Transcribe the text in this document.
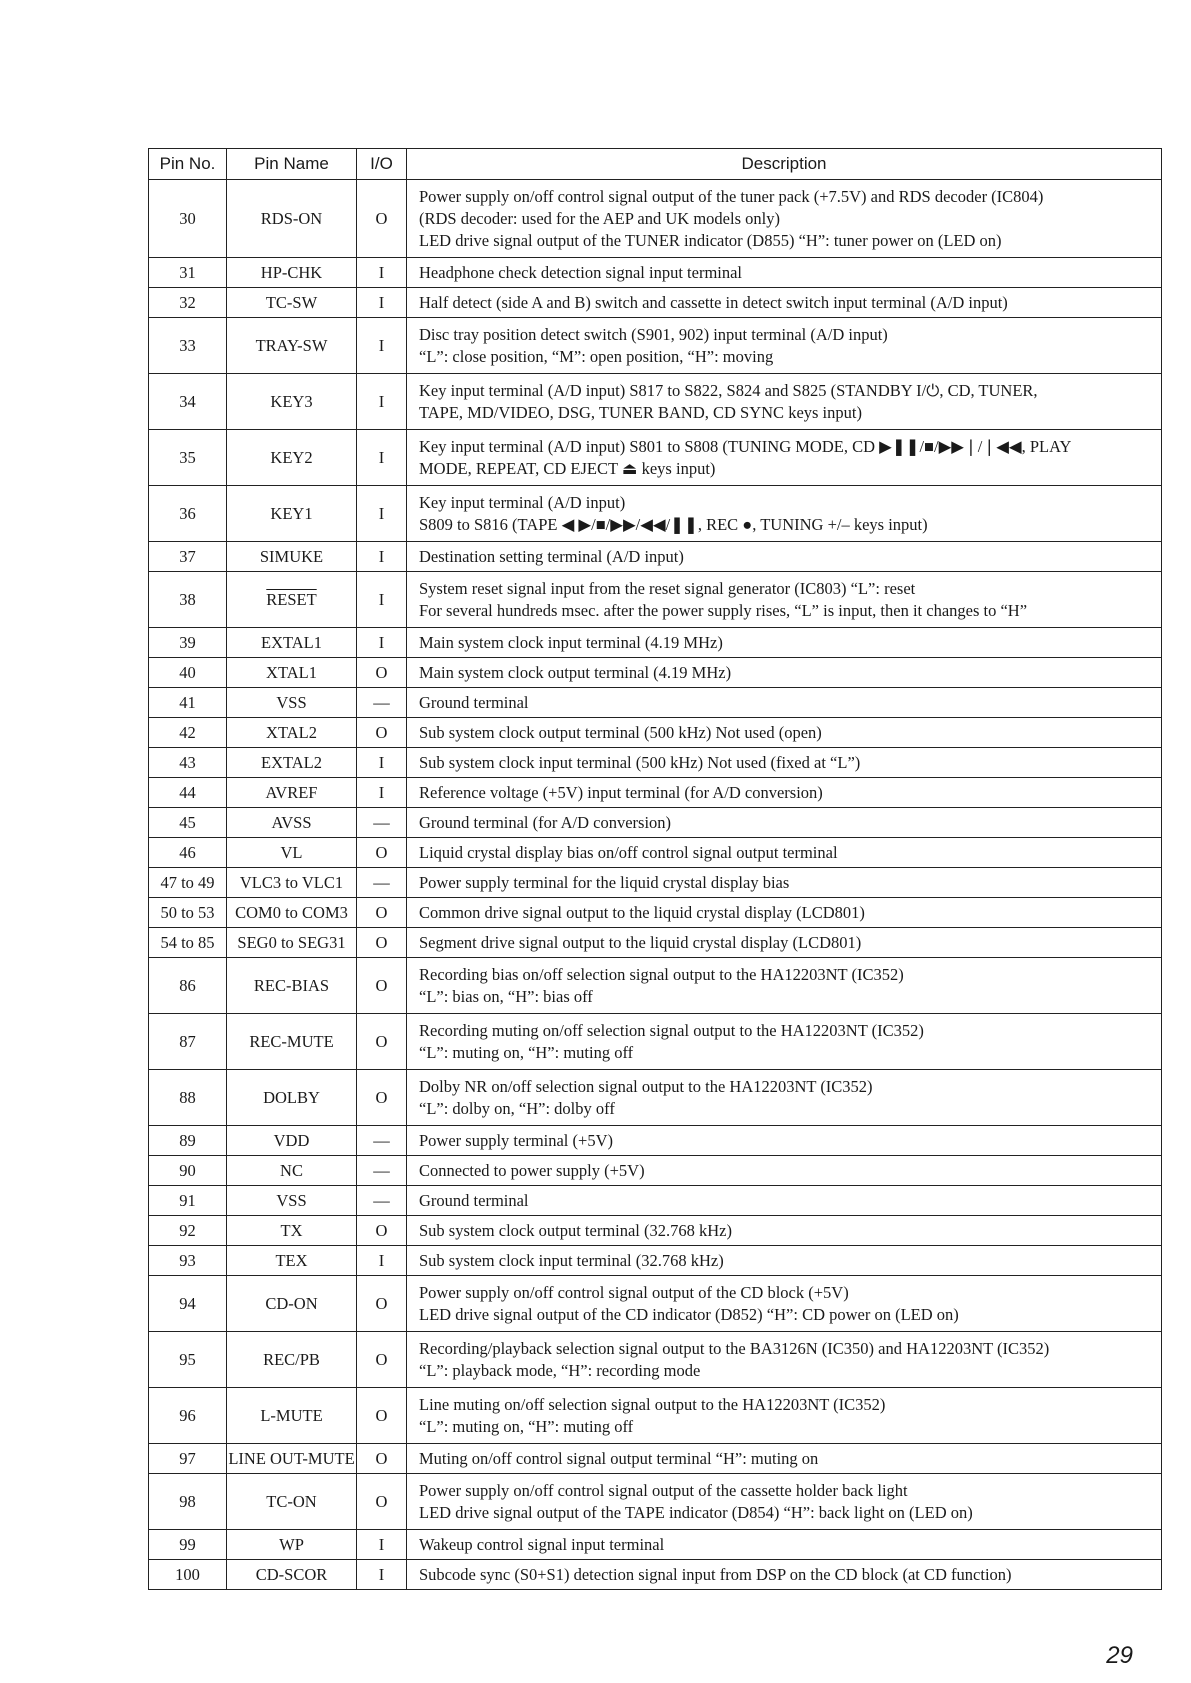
Pin No.	Pin Name	I/O	Description
30	RDS-ON	O	Power supply on/off control signal output of the tuner pack (+7.5V) and RDS decoder (IC804)
(RDS decoder: used for the AEP and UK models only)
LED drive signal output of the TUNER indicator (D855) “H”: tuner power on (LED on)

31	HP-CHK	I	Headphone check detection signal input terminal

32	TC-SW	I	Half detect (side A and B) switch and cassette in detect switch input terminal (A/D input)

33	TRAY-SW	I	Disc tray position detect switch (S901, 902) input terminal (A/D input)
“L”: close position, “M”: open position, “H”: moving

34	KEY3	I	Key input terminal (A/D input) S817 to S822, S824 and S825 (STANDBY I/⏻, CD, TUNER,
TAPE, MD/VIDEO, DSG, TUNER BAND, CD SYNC keys input)

35	KEY2	I	Key input terminal (A/D input) S801 to S808 (TUNING MODE, CD ▶❚❚/■/▶▶❘/❘◀◀, PLAY
MODE, REPEAT, CD EJECT ⏏ keys input)

36	KEY1	I	Key input terminal (A/D input)
S809 to S816 (TAPE ◀ ▶/■/▶▶/◀◀/❚❚, REC ●, TUNING +/– keys input)

37	SIMUKE	I	Destination setting terminal (A/D input)

38	RESET	I	System reset signal input from the reset signal generator (IC803) “L”: reset
For several hundreds msec. after the power supply rises, “L” is input, then it changes to “H”

39	EXTAL1	I	Main system clock input terminal (4.19 MHz)

40	XTAL1	O	Main system clock output terminal (4.19 MHz)

41	VSS	—	Ground terminal

42	XTAL2	O	Sub system clock output terminal (500 kHz) Not used (open)

43	EXTAL2	I	Sub system clock input terminal (500 kHz) Not used (fixed at “L”)

44	AVREF	I	Reference voltage (+5V) input terminal (for A/D conversion)

45	AVSS	—	Ground terminal (for A/D conversion)

46	VL	O	Liquid crystal display bias on/off control signal output terminal

47 to 49	VLC3 to VLC1	—	Power supply terminal for the liquid crystal display bias

50 to 53	COM0 to COM3	O	Common drive signal output to the liquid crystal display (LCD801)

54 to 85	SEG0 to SEG31	O	Segment drive signal output to the liquid crystal display (LCD801)

86	REC-BIAS	O	Recording bias on/off selection signal output to the HA12203NT (IC352)
“L”: bias on, “H”: bias off

87	REC-MUTE	O	Recording muting on/off selection signal output to the HA12203NT (IC352)
“L”: muting on, “H”: muting off

88	DOLBY	O	Dolby NR on/off selection signal output to the HA12203NT (IC352)
“L”: dolby on, “H”: dolby off

89	VDD	—	Power supply terminal (+5V)

90	NC	—	Connected to power supply (+5V)

91	VSS	—	Ground terminal

92	TX	O	Sub system clock output terminal (32.768 kHz)

93	TEX	I	Sub system clock input terminal (32.768 kHz)

94	CD-ON	O	Power supply on/off control signal output of the CD block (+5V)
LED drive signal output of the CD indicator (D852) “H”: CD power on (LED on)

95	REC/PB	O	Recording/playback selection signal output to the BA3126N (IC350) and HA12203NT (IC352)
“L”: playback mode, “H”: recording mode

96	L-MUTE	O	Line muting on/off selection signal output to the HA12203NT (IC352)
“L”: muting on, “H”: muting off

97	LINE OUT-MUTE	O	Muting on/off control signal output terminal “H”: muting on

98	TC-ON	O	Power supply on/off control signal output of the cassette holder back light
LED drive signal output of the TAPE indicator (D854) “H”: back light on (LED on)

99	WP	I	Wakeup control signal input terminal

100	CD-SCOR	I	Subcode sync (S0+S1) detection signal input from DSP on the CD block (at CD function)
29
